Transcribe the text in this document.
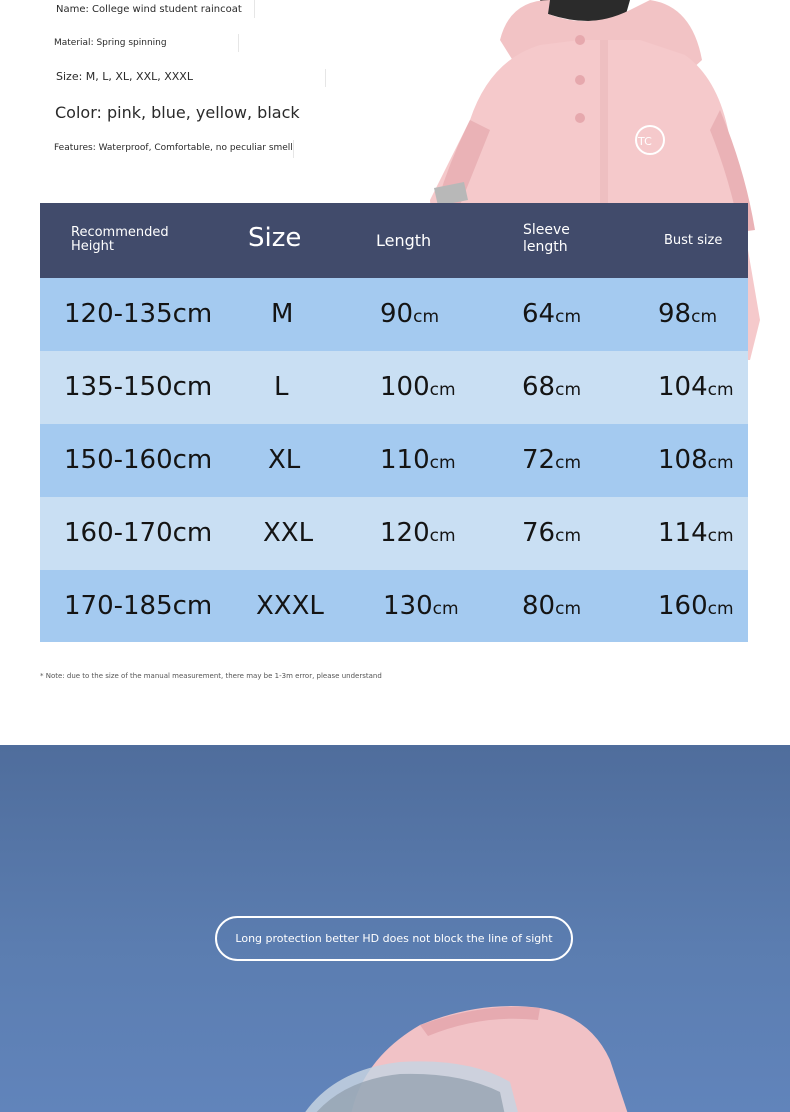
TC
Name: College wind student raincoat
Material: Spring spinning
Size: M, L, XL, XXL, XXXL
Color: pink, blue, yellow, black
Features: Waterproof, Comfortable, no peculiar smell
Recommended
Height	Size	Length
Sleeve
length	Bust size
120-135cm M	90cm	64cm	98cm
135-150cm L	100cm	68cm	104cm
150-160cm XL	110cm	72cm	108cm
160-170cm XXL	120cm	76cm	114cm
170-185cm XXXL 130cm 80cm	160cm
* Note: due to the size of the manual measurement, there may be 1-3m error, please understand
Long protection better HD does not block the line of sight
